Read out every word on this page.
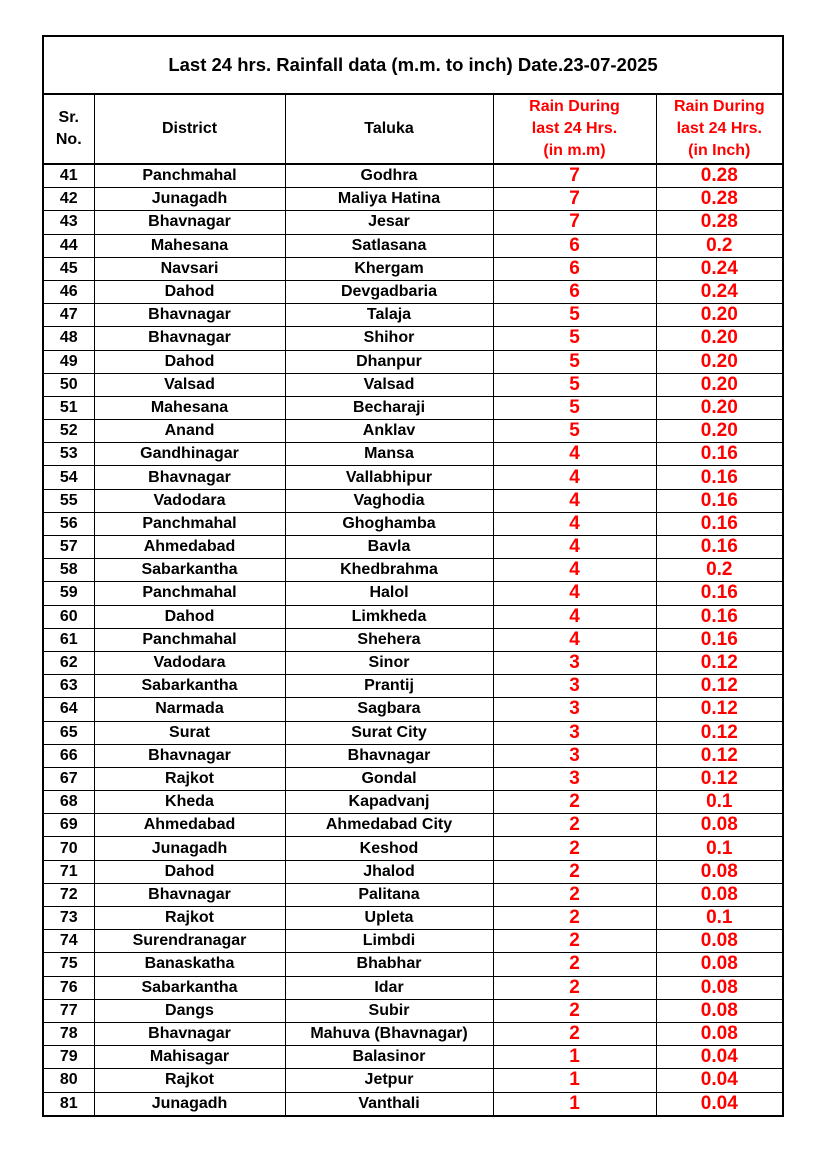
Last 24 hrs. Rainfall data (m.m. to inch) Date.23-07-2025				
Sr.
No.	District	Taluka	Rain During
last 24 Hrs.
(in m.m)	Rain During
last 24 Hrs.
(in Inch)
41	Panchmahal	Godhra	7	0.28
42	Junagadh	Maliya Hatina	7	0.28
43	Bhavnagar	Jesar	7	0.28
44	Mahesana	Satlasana	6	0.2
45	Navsari	Khergam	6	0.24
46	Dahod	Devgadbaria	6	0.24
47	Bhavnagar	Talaja	5	0.20
48	Bhavnagar	Shihor	5	0.20
49	Dahod	Dhanpur	5	0.20
50	Valsad	Valsad	5	0.20
51	Mahesana	Becharaji	5	0.20
52	Anand	Anklav	5	0.20
53	Gandhinagar	Mansa	4	0.16
54	Bhavnagar	Vallabhipur	4	0.16
55	Vadodara	Vaghodia	4	0.16
56	Panchmahal	Ghoghamba	4	0.16
57	Ahmedabad	Bavla	4	0.16
58	Sabarkantha	Khedbrahma	4	0.2
59	Panchmahal	Halol	4	0.16
60	Dahod	Limkheda	4	0.16
61	Panchmahal	Shehera	4	0.16
62	Vadodara	Sinor	3	0.12
63	Sabarkantha	Prantij	3	0.12
64	Narmada	Sagbara	3	0.12
65	Surat	Surat City	3	0.12
66	Bhavnagar	Bhavnagar	3	0.12
67	Rajkot	Gondal	3	0.12
68	Kheda	Kapadvanj	2	0.1
69	Ahmedabad	Ahmedabad City	2	0.08
70	Junagadh	Keshod	2	0.1
71	Dahod	Jhalod	2	0.08
72	Bhavnagar	Palitana	2	0.08
73	Rajkot	Upleta	2	0.1
74	Surendranagar	Limbdi	2	0.08
75	Banaskatha	Bhabhar	2	0.08
76	Sabarkantha	Idar	2	0.08
77	Dangs	Subir	2	0.08
78	Bhavnagar	Mahuva (Bhavnagar)	2	0.08
79	Mahisagar	Balasinor	1	0.04
80	Rajkot	Jetpur	1	0.04
81	Junagadh	Vanthali	1	0.04
